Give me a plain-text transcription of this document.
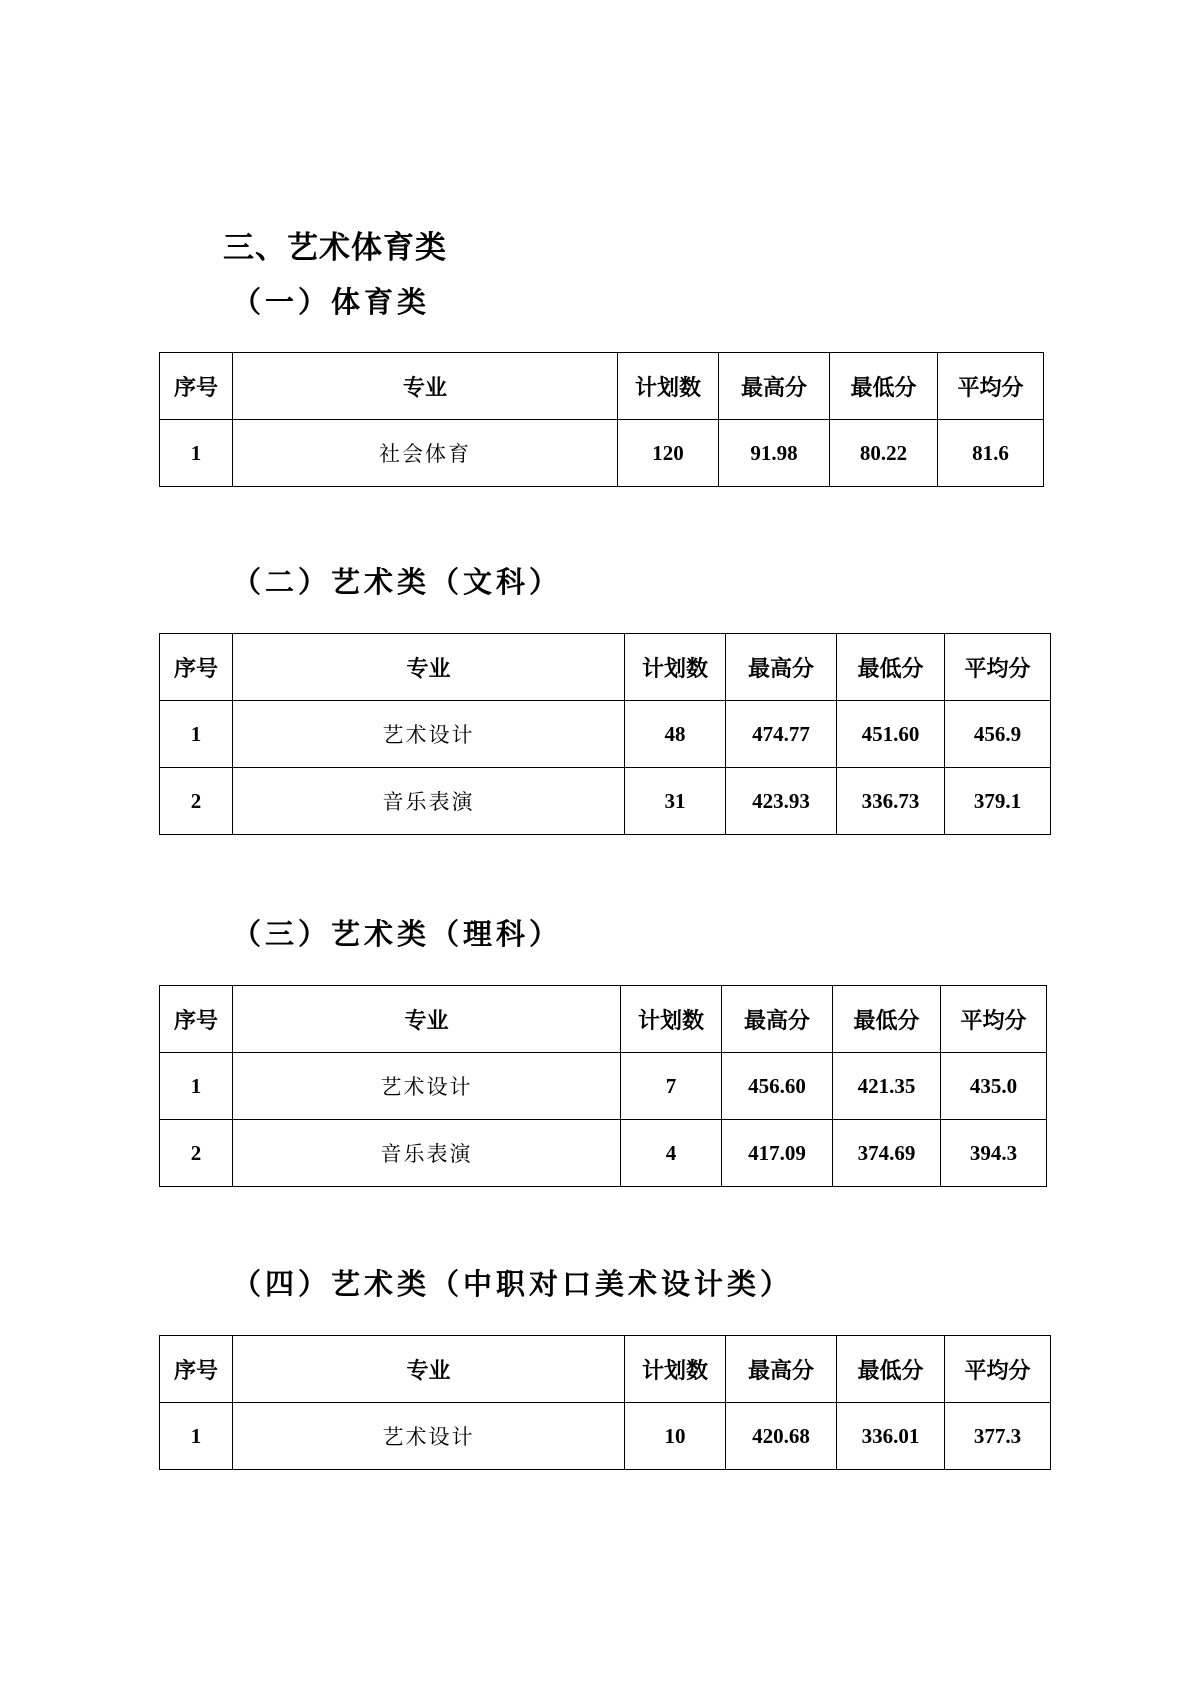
三、艺术体育类
（一）体育类
序号	专业	计划数	最高分	最低分	平均分
1	社会体育	120	91.98	80.22	81.6
（二）艺术类（文科）
序号	专业	计划数	最高分	最低分	平均分
1	艺术设计	48	474.77	451.60	456.9
2	音乐表演	31	423.93	336.73	379.1
（三）艺术类（理科）
序号	专业	计划数	最高分	最低分	平均分
1	艺术设计	7	456.60	421.35	435.0
2	音乐表演	4	417.09	374.69	394.3
（四）艺术类（中职对口美术设计类）
序号	专业	计划数	最高分	最低分	平均分
1	艺术设计	10	420.68	336.01	377.3
